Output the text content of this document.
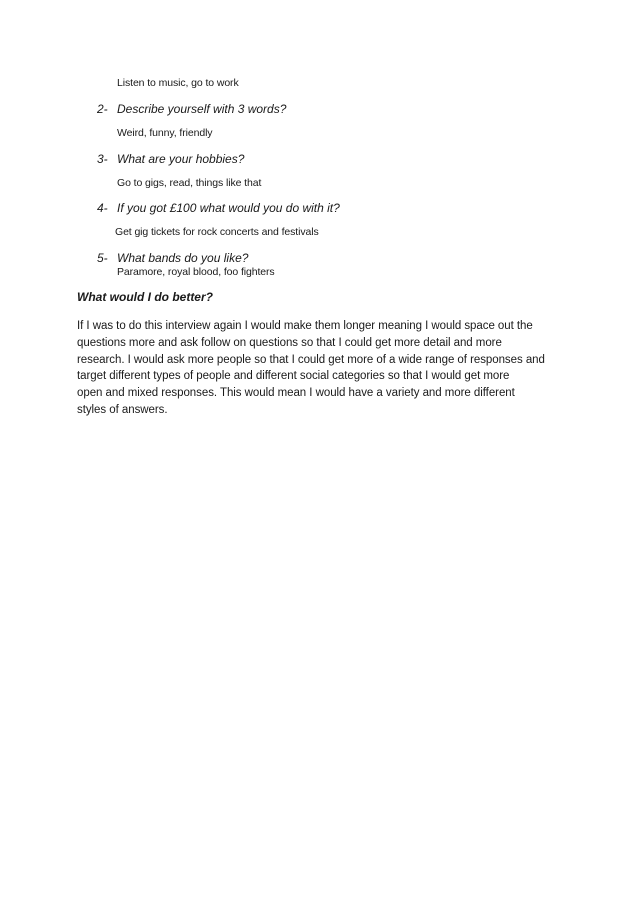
Listen to music, go to work
2- Describe yourself with 3 words?
Weird, funny, friendly
3- What are your hobbies?
Go to gigs, read, things like that
4- If you got £100 what would you do with it?
Get gig tickets for rock concerts and festivals
5- What bands do you like?
Paramore, royal blood, foo fighters
What would I do better?
If I was to do this interview again I would make them longer meaning I would space out the
questions more and ask follow on questions so that I could get more detail and more
research. I would ask more people so that I could get more of a wide range of responses and
target different types of people and different social categories so that I would get more
open and mixed responses. This would mean I would have a variety and more different
styles of answers.
